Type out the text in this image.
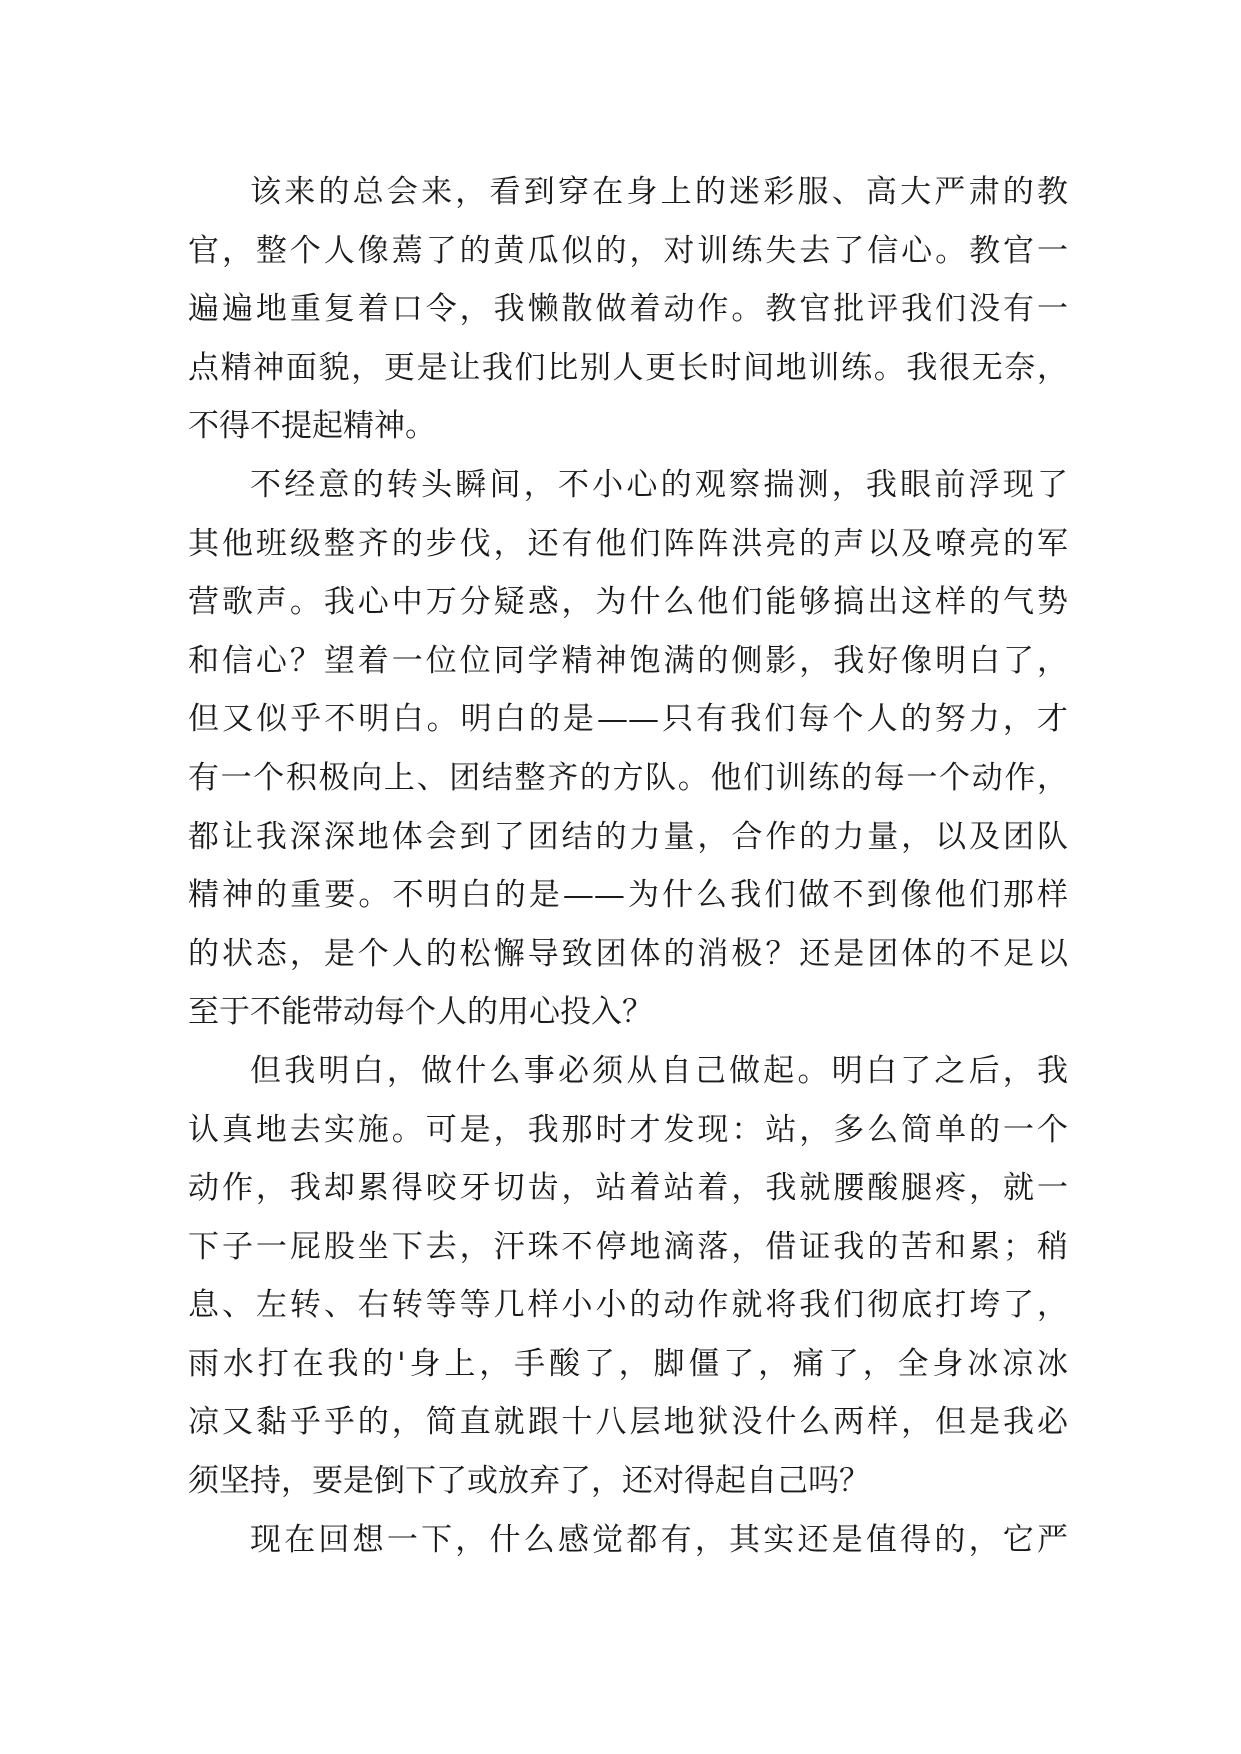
该来的总会来，看到穿在身上的迷彩服、高大严肃的教
官，整个人像蔫了的黄瓜似的，对训练失去了信心。教官一
遍遍地重复着口令，我懒散做着动作。教官批评我们没有一
点精神面貌，更是让我们比别人更长时间地训练。我很无奈，
不得不提起精神。
不经意的转头瞬间，不小心的观察揣测，我眼前浮现了
其他班级整齐的步伐，还有他们阵阵洪亮的声以及嘹亮的军
营歌声。我心中万分疑惑，为什么他们能够搞出这样的气势
和信心？望着一位位同学精神饱满的侧影，我好像明白了，
但又似乎不明白。明白的是——只有我们每个人的努力，才
有一个积极向上、团结整齐的方队。他们训练的每一个动作，
都让我深深地体会到了团结的力量，合作的力量，以及团队
精神的重要。不明白的是——为什么我们做不到像他们那样
的状态，是个人的松懈导致团体的消极？还是团体的不足以
至于不能带动每个人的用心投入？
但我明白，做什么事必须从自己做起。明白了之后，我
认真地去实施。可是，我那时才发现：站，多么简单的一个
动作，我却累得咬牙切齿，站着站着，我就腰酸腿疼，就一
下子一屁股坐下去，汗珠不停地滴落，借证我的苦和累；稍
息、左转、右转等等几样小小的动作就将我们彻底打垮了，
雨水打在我的'身上，手酸了，脚僵了，痛了，全身冰凉冰
凉又黏乎乎的，简直就跟十八层地狱没什么两样，但是我必
须坚持，要是倒下了或放弃了，还对得起自己吗？
现在回想一下，什么感觉都有，其实还是值得的，它严
